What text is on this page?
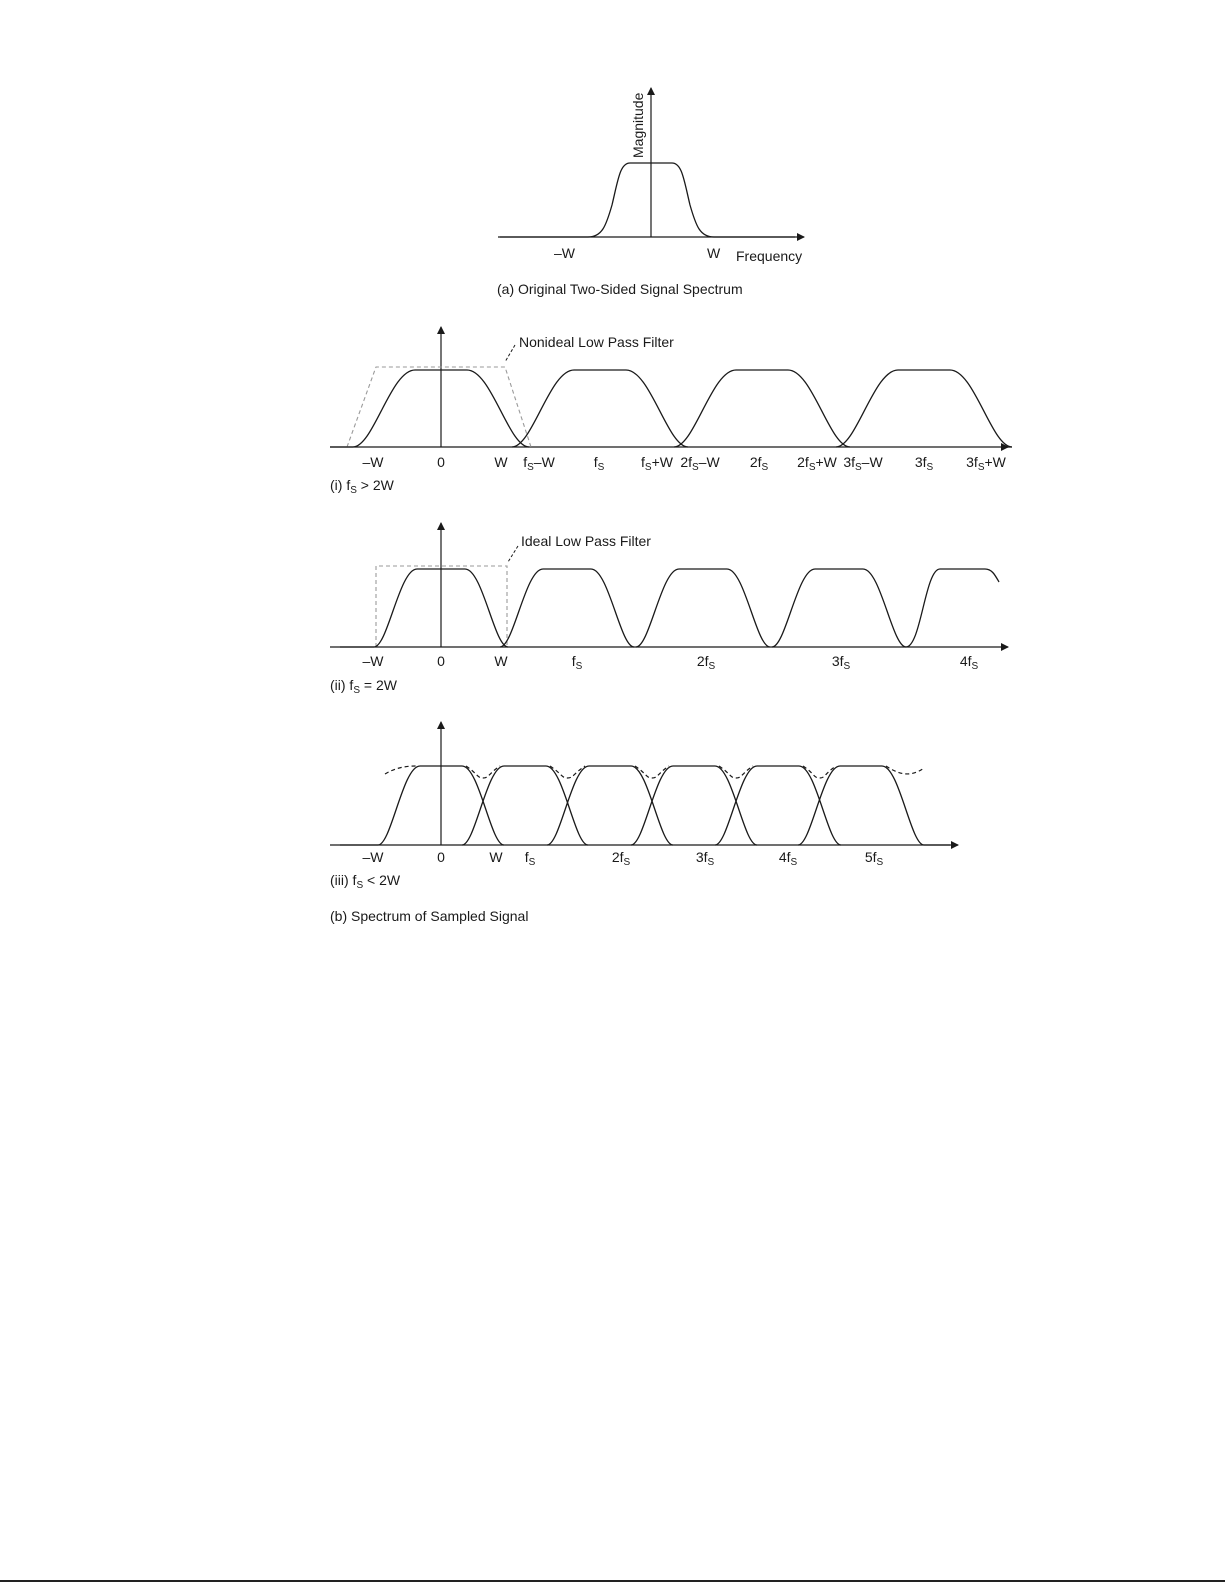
Magnitude
Frequency
–W	W
(a) Original Two-Sided Signal Spectrum
Nonideal Low Pass Filter
–W	0	W $f_S-W$	$f_S$	$f_S+W$ $2f_S-W$ $2f_S$ $2f_S+W$ $3f_S-W$ $3f_S$ $3f_S+W$
(i) $f_S > 2W$
Ideal Low Pass Filter
–W	0	W	$f_S$	$2f_S$	$3f_S$	$4f_S$
(ii) $f_S = 2W$
–W	0	W $f_S$	$2f_S$	$3f_S$	$4f_S$	$5f_S$
(iii) $f_S < 2W$
(b) Spectrum of Sampled Signal
